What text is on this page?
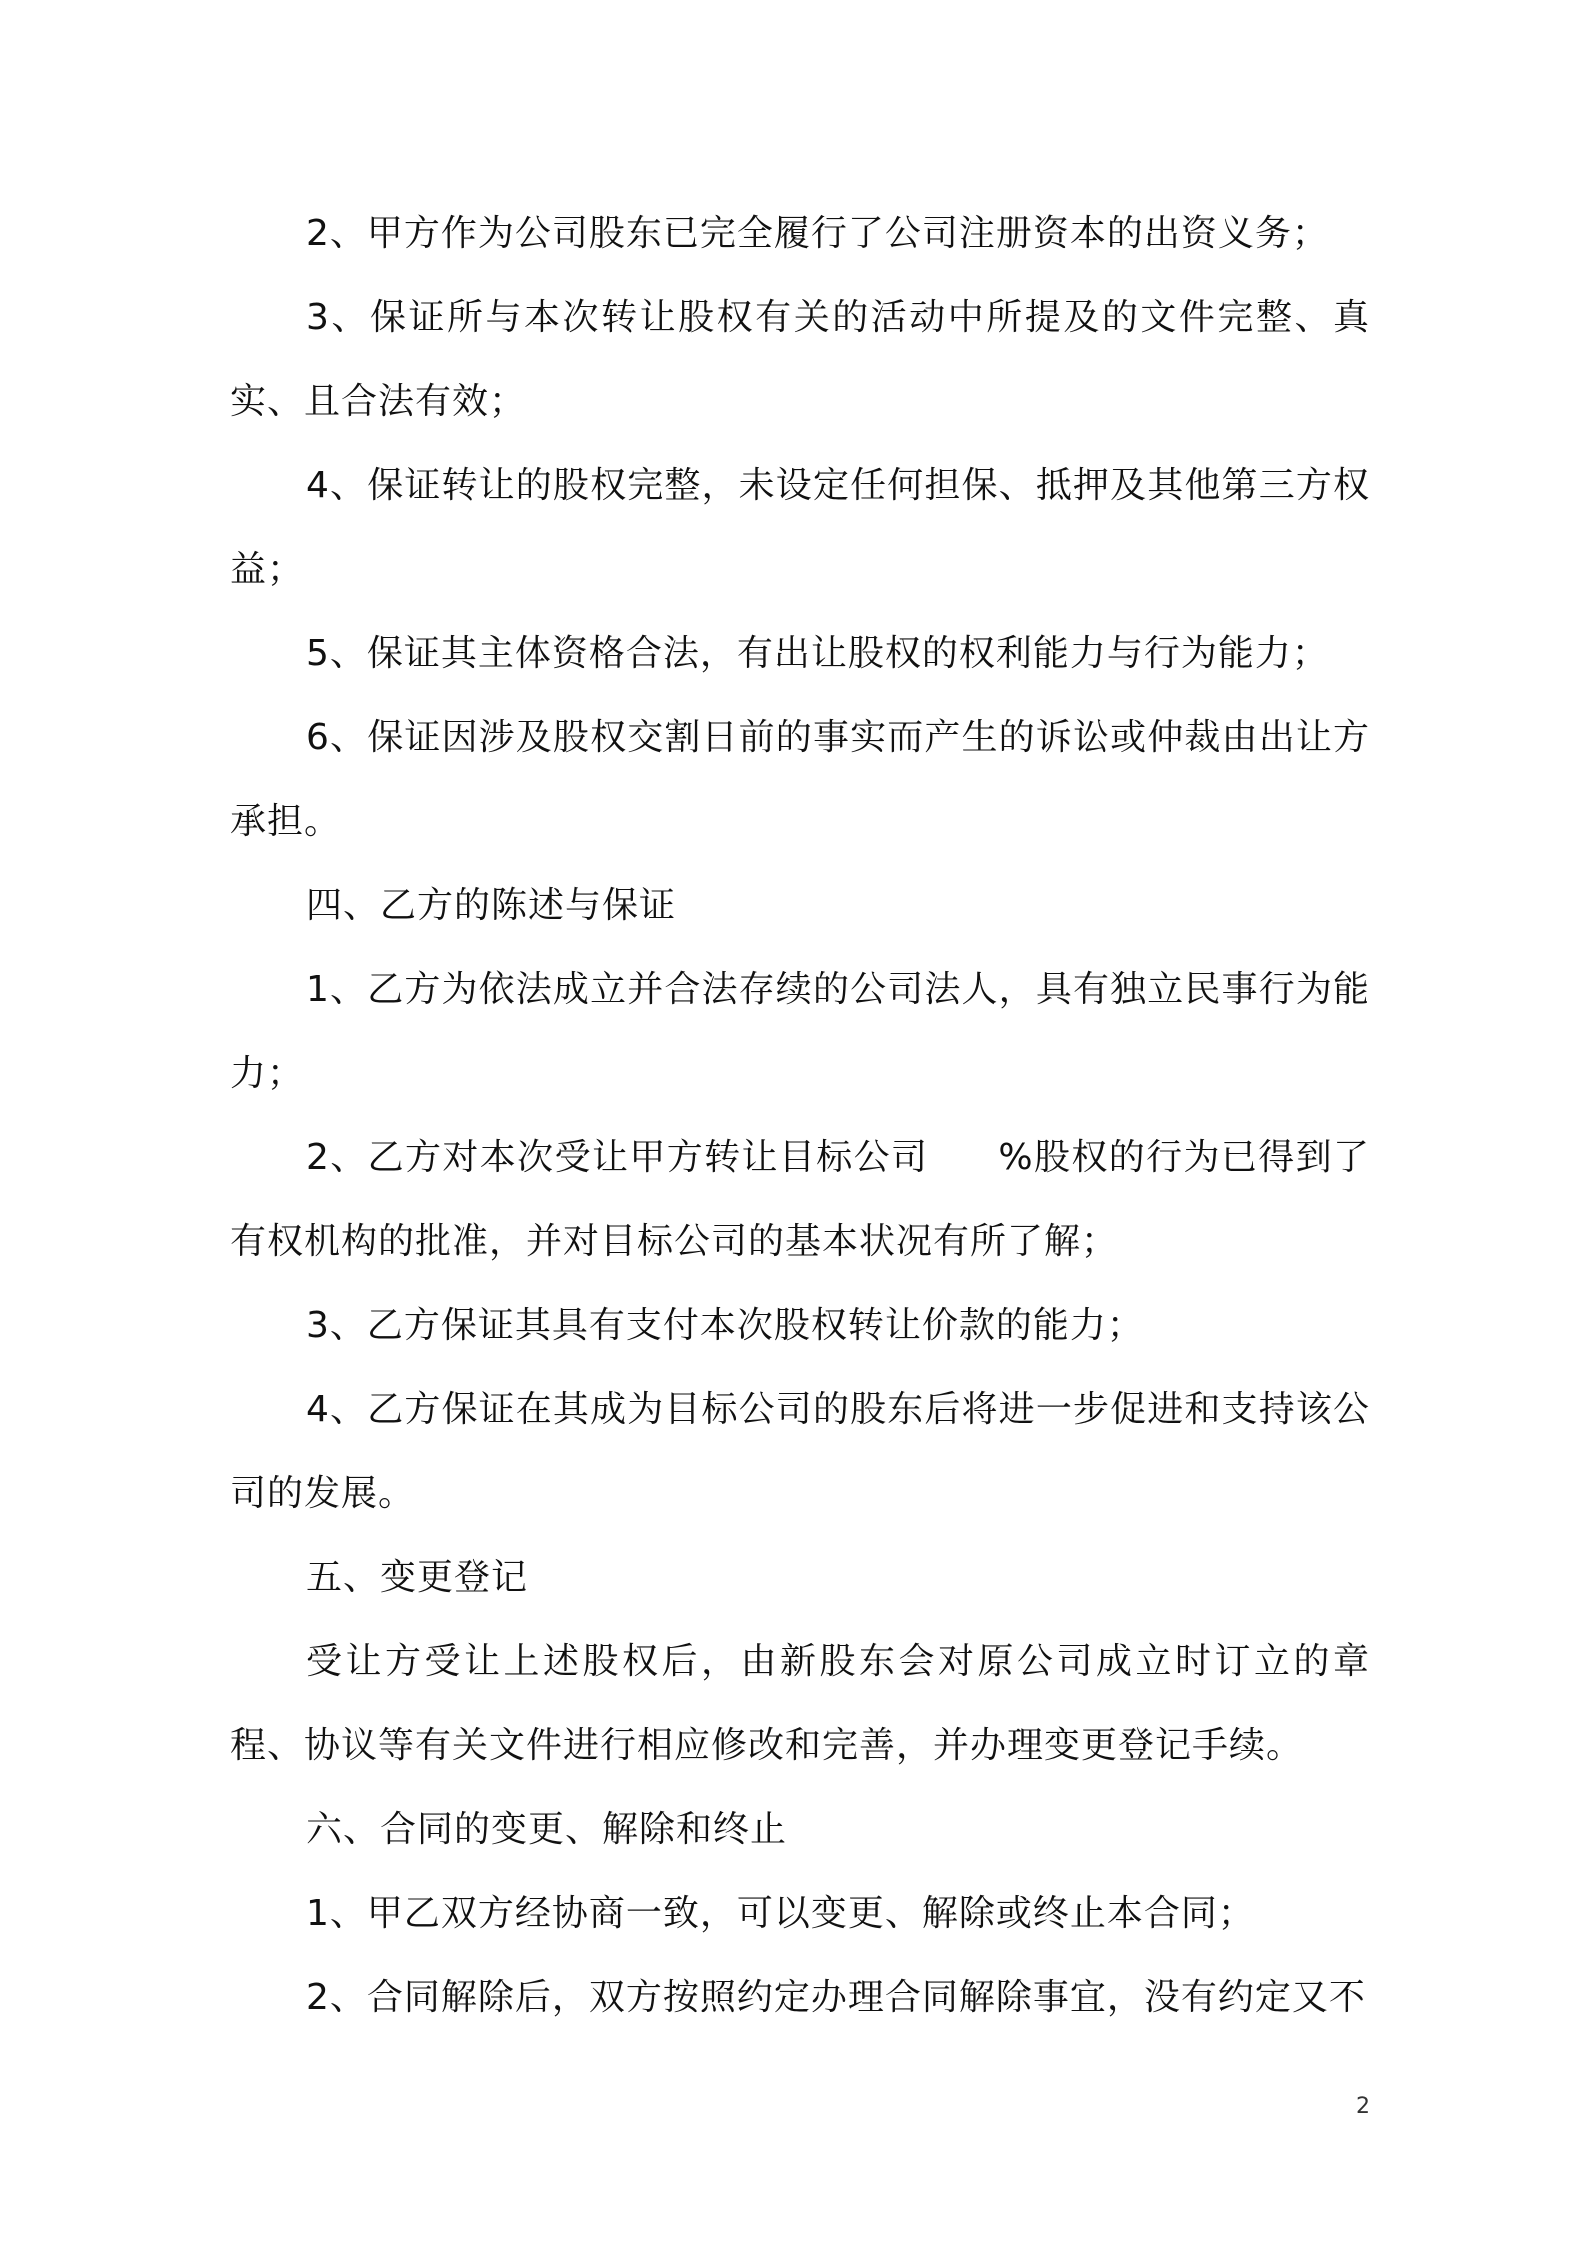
2、甲方作为公司股东已完全履行了公司注册资本的出资义务；

3、保证所与本次转让股权有关的活动中所提及的文件完整、真实、且合法有效；

4、保证转让的股权完整，未设定任何担保、抵押及其他第三方权益；

5、保证其主体资格合法，有出让股权的权利能力与行为能力；

6、保证因涉及股权交割日前的事实而产生的诉讼或仲裁由出让方承担。

四、乙方的陈述与保证

1、乙方为依法成立并合法存续的公司法人，具有独立民事行为能力；

2、乙方对本次受让甲方转让目标公司 %股权的行为已得到了有权机构的批准，并对目标公司的基本状况有所了解；

3、乙方保证其具有支付本次股权转让价款的能力；

4、乙方保证在其成为目标公司的股东后将进一步促进和支持该公司的发展。

五、变更登记

受让方受让上述股权后，由新股东会对原公司成立时订立的章程、协议等有关文件进行相应修改和完善，并办理变更登记手续。

六、合同的变更、解除和终止

1、甲乙双方经协商一致，可以变更、解除或终止本合同；

2、合同解除后，双方按照约定办理合同解除事宜，没有约定又不

2
